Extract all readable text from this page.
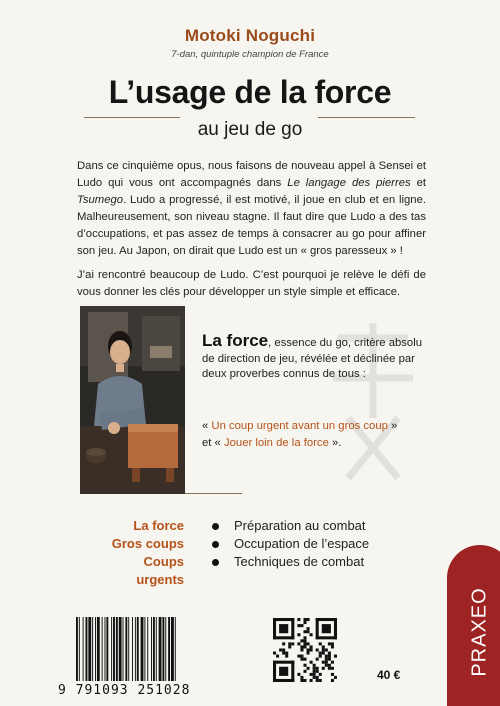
Motoki Noguchi
7-dan, quintuple champion de France
L’usage de la force
au jeu de go

Dans ce cinquième opus, nous faisons de nouveau appel à Sensei et Ludo qui vous ont accompagnés dans Le langage des pierres et Tsumego. Ludo a progressé, il est motivé, il joue en club et en ligne. Malheureusement, son niveau stagne. Il faut dire que Ludo a des tas d’occupations, et pas assez de temps à consacrer au go pour affiner son jeu. Au Japon, on dirait que Ludo est un « gros paresseux » !

J’ai rencontré beaucoup de Ludo. C’est pourquoi je relève le défi de vous donner les clés pour développer un style simple et efficace.

La force, essence du go, critère absolu de direction de jeu, révélée et déclinée par deux proverbes connus de tous :
« Un coup urgent avant un gros coup »
et « Jouer loin de la force ».
La force
Gros coups
Coups urgents
Préparation au combat
Occupation de l’espace
Techniques de combat
9 791093 251028
40 €	PRAXEO
